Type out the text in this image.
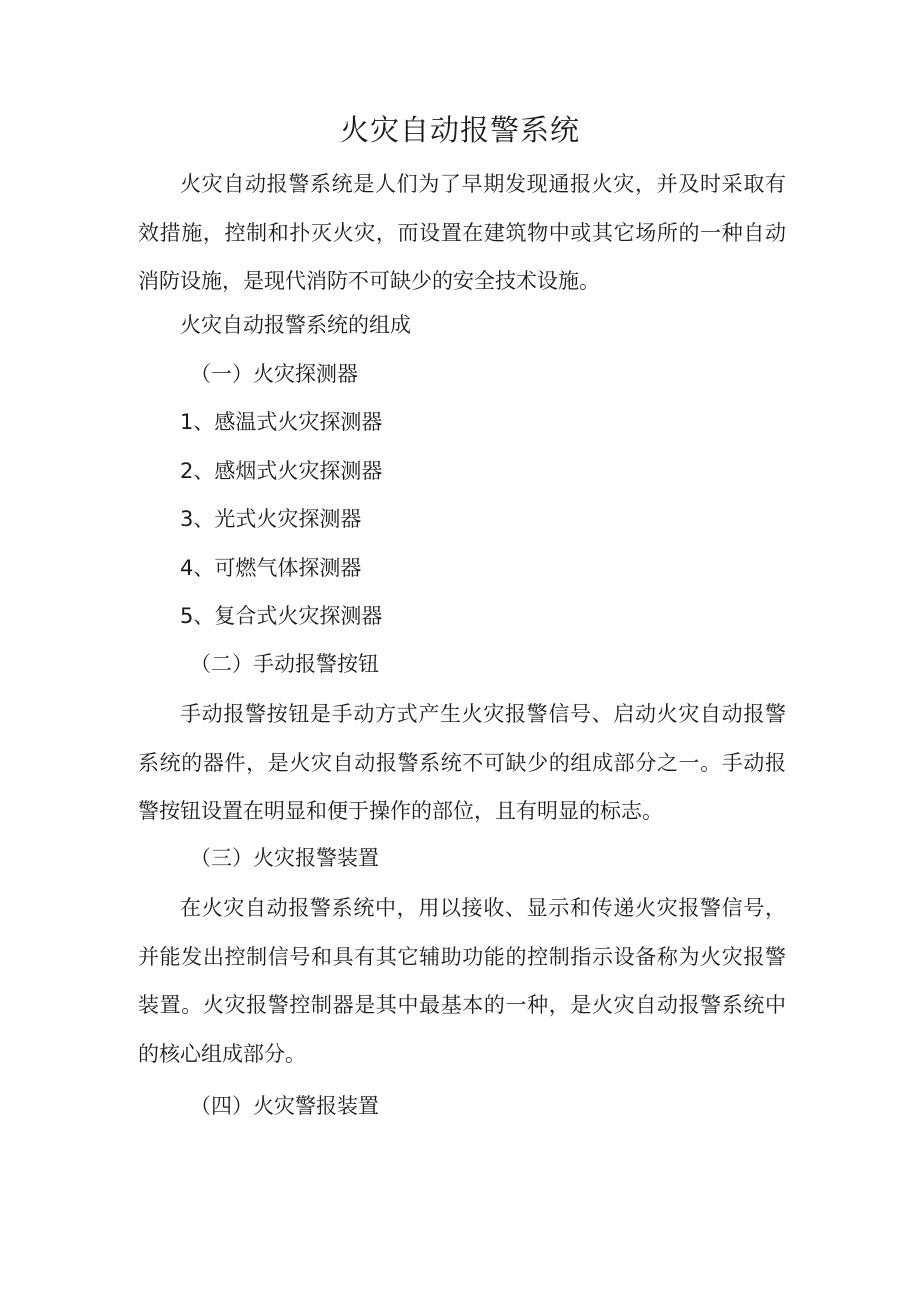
火灾自动报警系统

火灾自动报警系统是人们为了早期发现通报火灾，并及时采取有效措施，控制和扑灭火灾，而设置在建筑物中或其它场所的一种自动消防设施，是现代消防不可缺少的安全技术设施。

火灾自动报警系统的组成

（一）火灾探测器

1、感温式火灾探测器

2、感烟式火灾探测器

3、光式火灾探测器

4、可燃气体探测器

5、复合式火灾探测器

（二）手动报警按钮

手动报警按钮是手动方式产生火灾报警信号、启动火灾自动报警系统的器件，是火灾自动报警系统不可缺少的组成部分之一。手动报警按钮设置在明显和便于操作的部位，且有明显的标志。

（三）火灾报警装置

在火灾自动报警系统中，用以接收、显示和传递火灾报警信号，并能发出控制信号和具有其它辅助功能的控制指示设备称为火灾报警装置。火灾报警控制器是其中最基本的一种，是火灾自动报警系统中的核心组成部分。

（四）火灾警报装置
